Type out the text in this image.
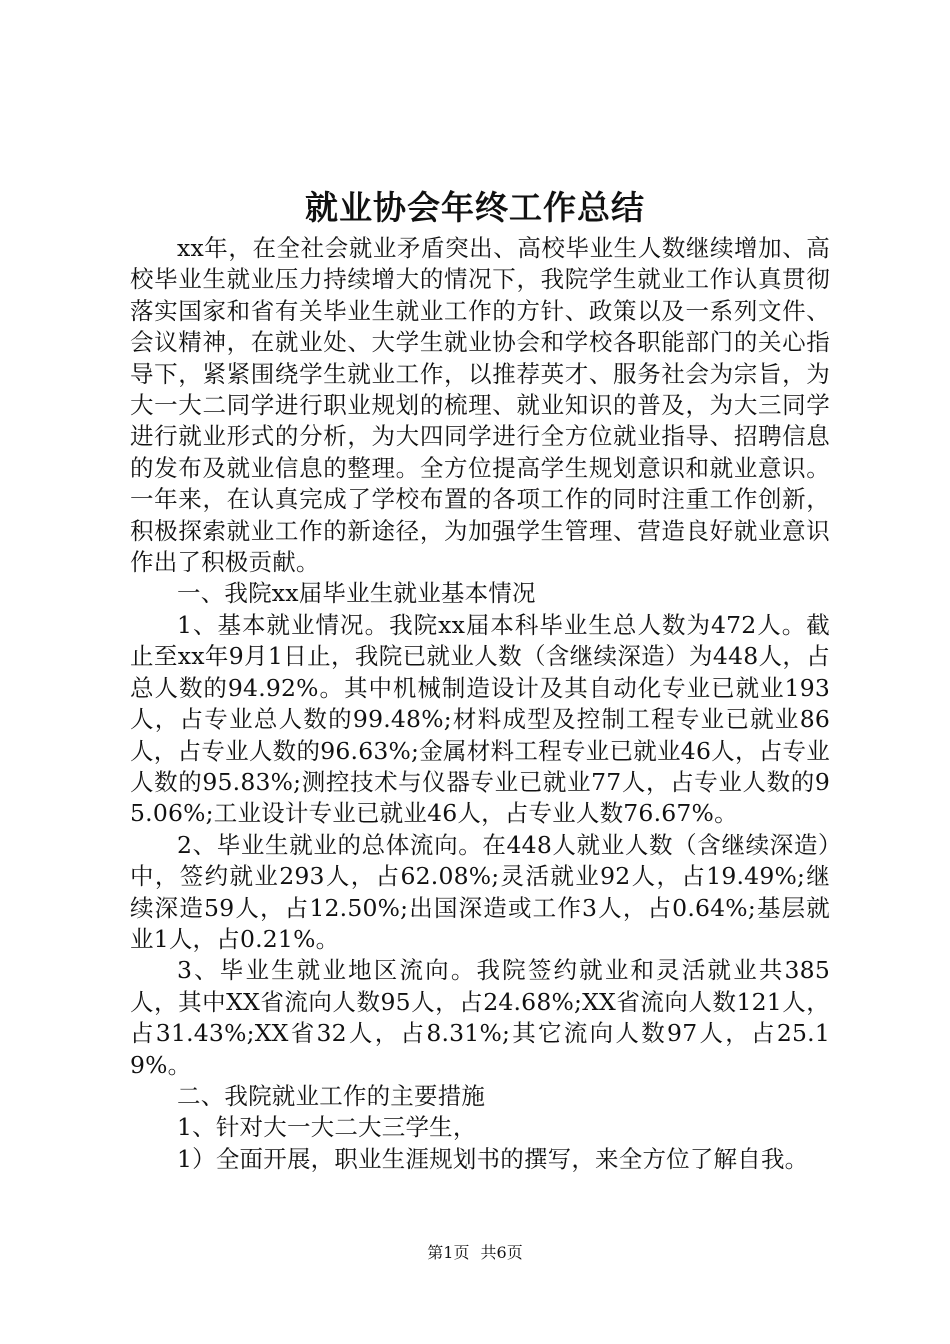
就业协会年终工作总结

xx年，在全社会就业矛盾突出、高校毕业生人数继续增加、高校毕业生就业压力持续增大的情况下，我院学生就业工作认真贯彻落实国家和省有关毕业生就业工作的方针、政策以及一系列文件、会议精神，在就业处、大学生就业协会和学校各职能部门的关心指导下，紧紧围绕学生就业工作，以推荐英才、服务社会为宗旨，为大一大二同学进行职业规划的梳理、就业知识的普及，为大三同学进行就业形式的分析，为大四同学进行全方位就业指导、招聘信息的发布及就业信息的整理。全方位提高学生规划意识和就业意识。一年来，在认真完成了学校布置的各项工作的同时注重工作创新，积极探索就业工作的新途径，为加强学生管理、营造良好就业意识作出了积极贡献。

一、我院xx届毕业生就业基本情况

1、基本就业情况。我院xx届本科毕业生总人数为472人。截止至xx年9月1日止，我院已就业人数（含继续深造）为448人，占总人数的94.92%。其中机械制造设计及其自动化专业已就业193人，占专业总人数的99.48%;材料成型及控制工程专业已就业86人，占专业人数的96.63%;金属材料工程专业已就业46人，占专业人数的95.83%;测控技术与仪器专业已就业77人，占专业人数的95.06%;工业设计专业已就业46人，占专业人数76.67%。

2、毕业生就业的总体流向。在448人就业人数（含继续深造）中，签约就业293人，占62.08%;灵活就业92人，占19.49%;继续深造59人，占12.50%;出国深造或工作3人，占0.64%;基层就业1人，占0.21%。

3、毕业生就业地区流向。我院签约就业和灵活就业共385人，其中XX省流向人数95人，占24.68%;XX省流向人数121人，占31.43%;XX省32人，占8.31%;其它流向人数97人，占25.19%。

二、我院就业工作的主要措施

1、针对大一大二大三学生，

1）全面开展，职业生涯规划书的撰写，来全方位了解自我。

第1页 共6页
